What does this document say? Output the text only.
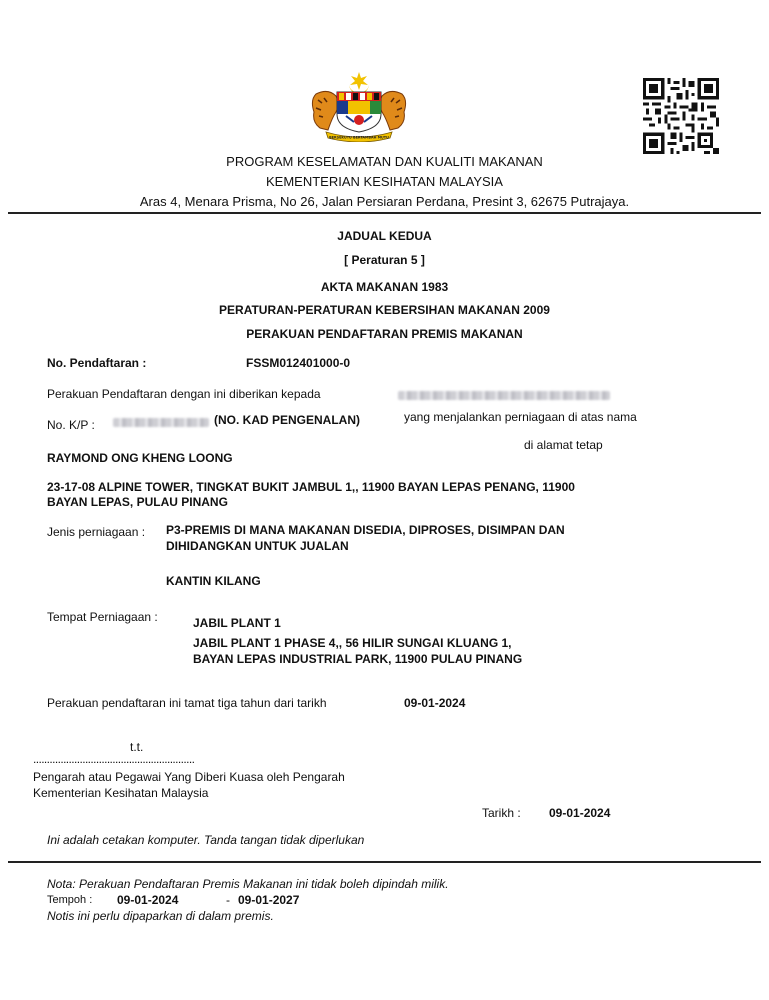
BERSEKUTU BERTAMBAH MUTU
PROGRAM KESELAMATAN DAN KUALITI MAKANAN
KEMENTERIAN KESIHATAN MALAYSIA
Aras 4, Menara Prisma, No 26, Jalan Persiaran Perdana, Presint 3, 62675 Putrajaya.
JADUAL KEDUA
[ Peraturan 5 ]
AKTA MAKANAN 1983
PERATURAN-PERATURAN KEBERSIHAN MAKANAN 2009
PERAKUAN PENDAFTARAN PREMIS MAKANAN
No. Pendaftaran :	FSSM012401000-0
Perakuan Pendaftaran dengan ini diberikan kepada
No. K/P :	(NO. KAD PENGENALAN)	yang menjalankan perniagaan di atas nama
di alamat tetap
RAYMOND ONG KHENG LOONG
23-17-08 ALPINE TOWER, TINGKAT BUKIT JAMBUL 1,, 11900 BAYAN LEPAS PENANG, 11900
BAYAN LEPAS, PULAU PINANG
Jenis perniagaan : P3-PREMIS DI MANA MAKANAN DISEDIA, DIPROSES, DISIMPAN DAN
DIHIDANGKAN UNTUK JUALAN
KANTIN KILANG
Tempat Perniagaan :	JABIL PLANT 1
JABIL PLANT 1 PHASE 4,, 56 HILIR SUNGAI KLUANG 1,
BAYAN LEPAS INDUSTRIAL PARK, 11900 PULAU PINANG
Perakuan pendaftaran ini tamat tiga tahun dari tarikh	09-01-2024
t.t.
...........................................................
Pengarah atau Pegawai Yang Diberi Kuasa oleh Pengarah
Kementerian Kesihatan Malaysia
Tarikh : 09-01-2024
Ini adalah cetakan komputer. Tanda tangan tidak diperlukan
Nota: Perakuan Pendaftaran Premis Makanan ini tidak boleh dipindah milik.
Tempoh : 09-01-2024	- 09-01-2027
Notis ini perlu dipaparkan di dalam premis.
